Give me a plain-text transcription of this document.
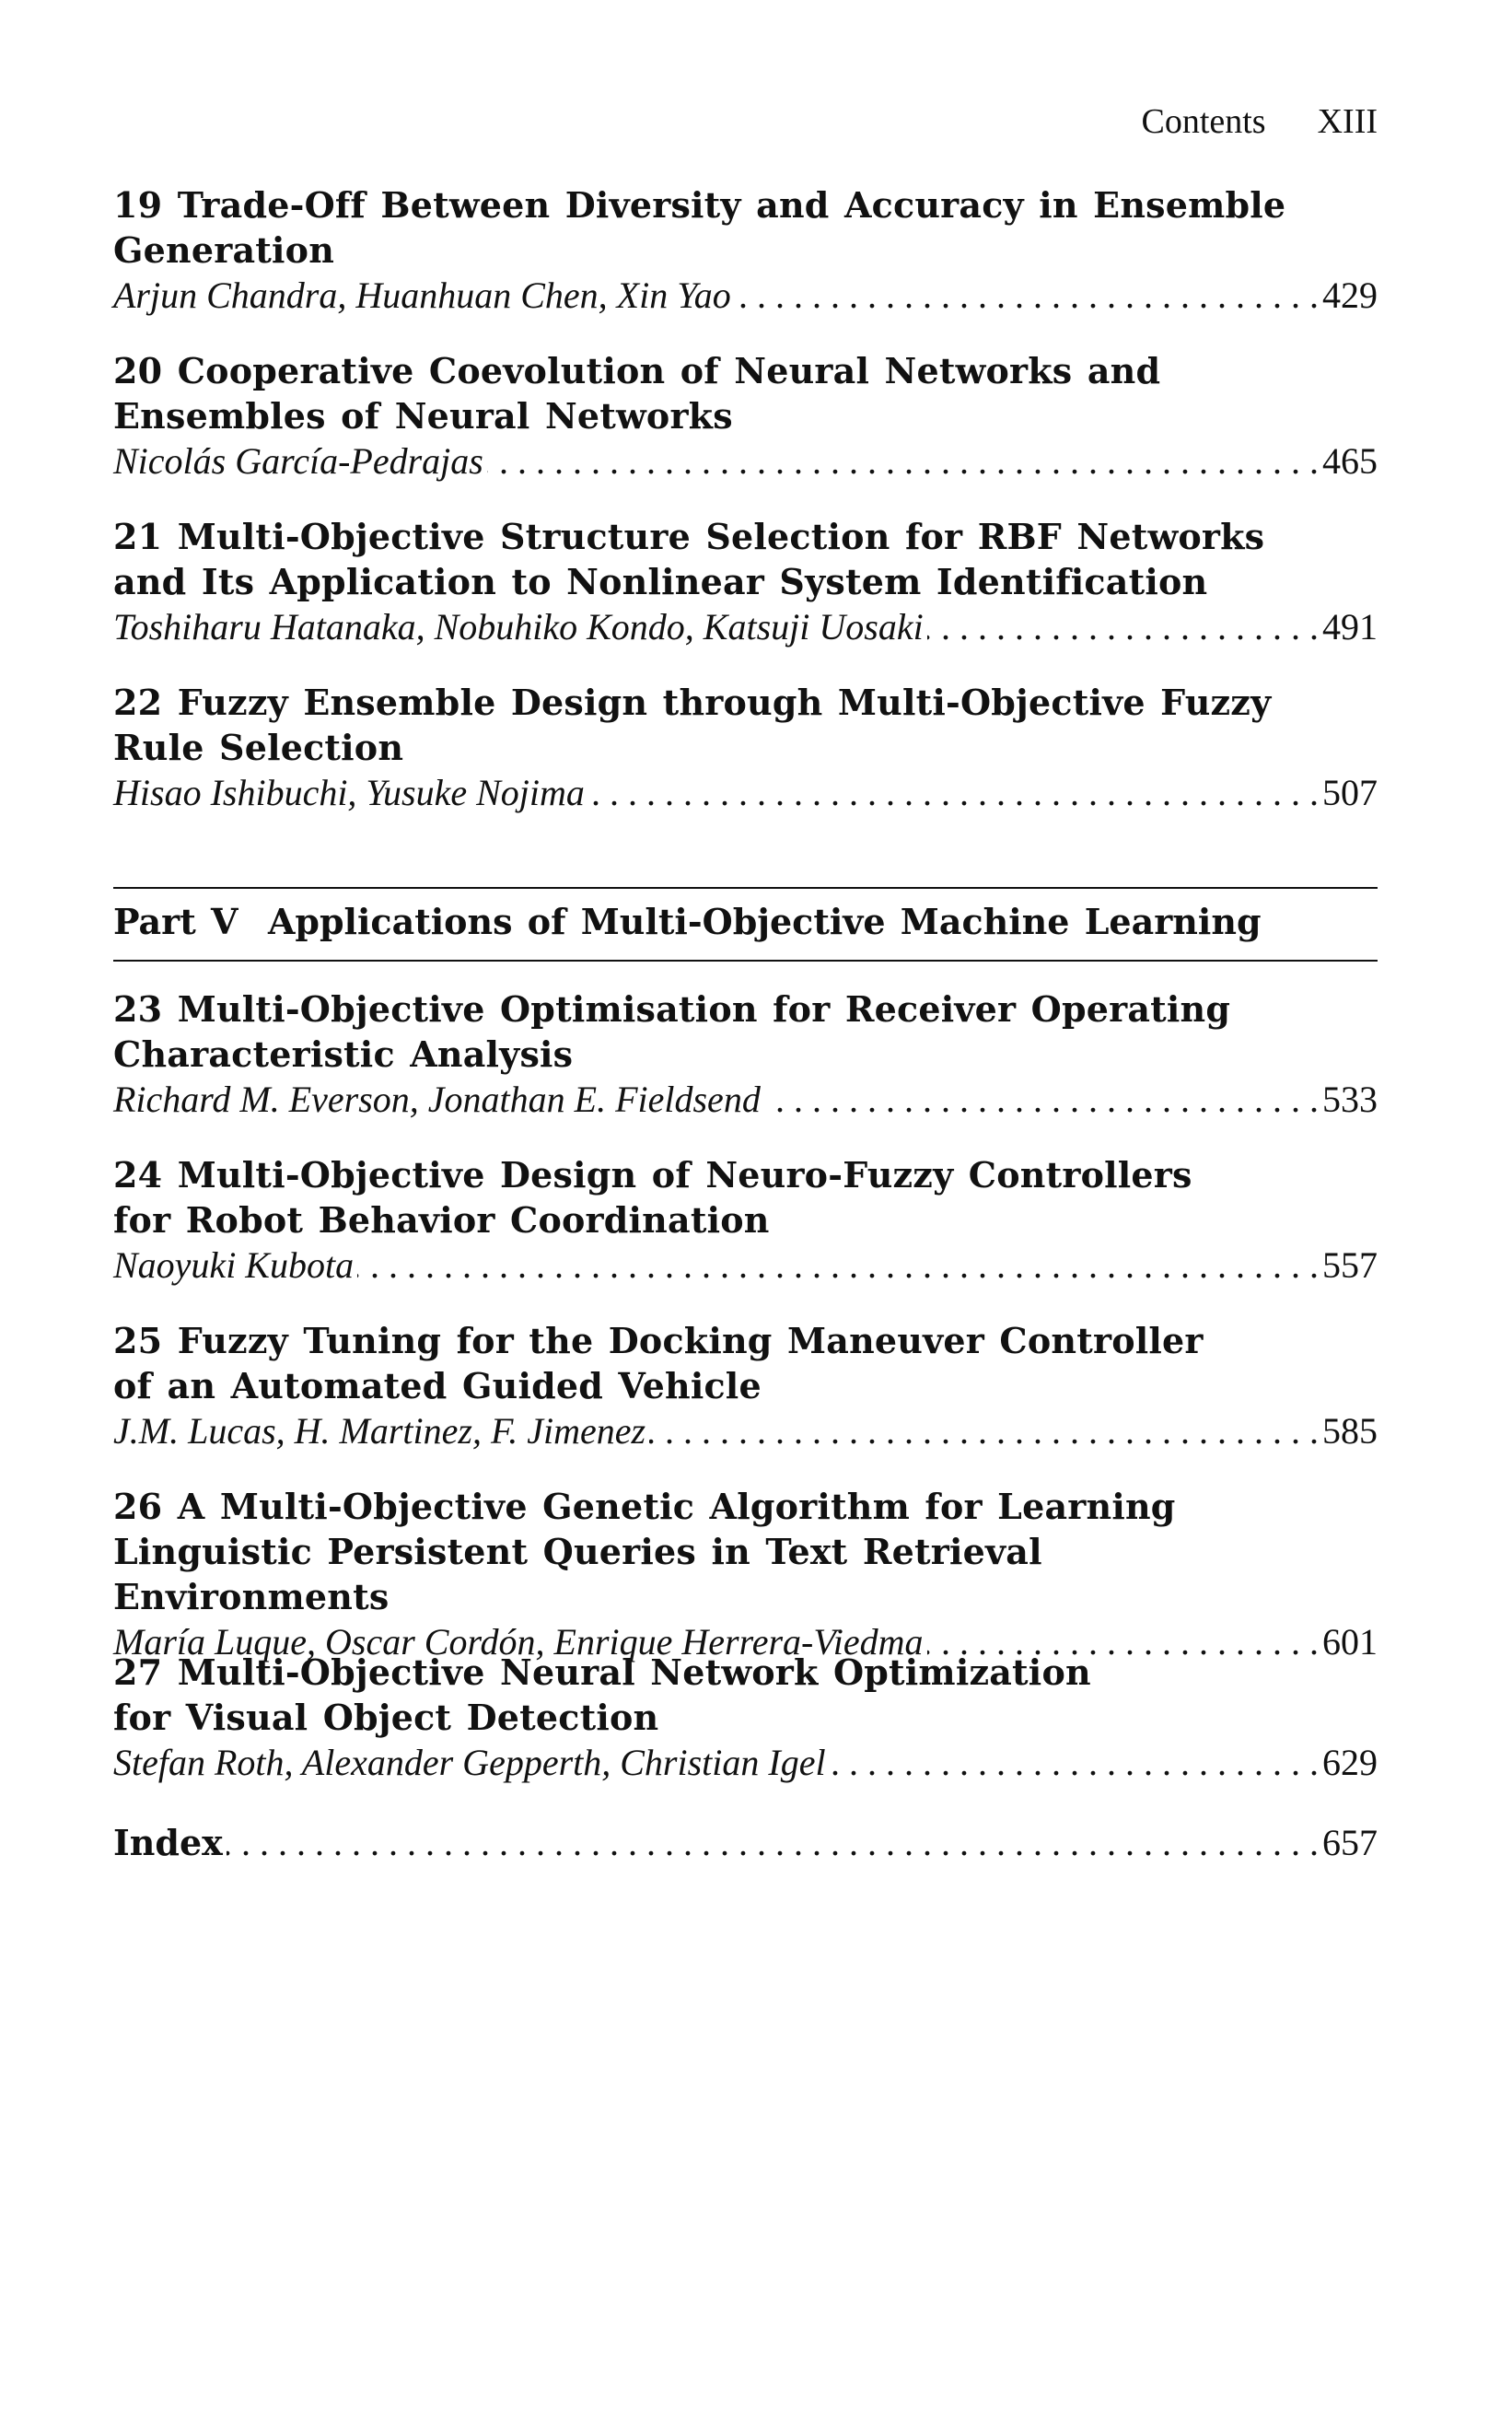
Contents XIII
19 Trade-Off Between Diversity and Accuracy in Ensemble
Generation
Arjun Chandra, Huanhuan Chen, Xin Yao . . .	429
20 Cooperative Coevolution of Neural Networks and
Ensembles of Neural Networks
Nicolás García-Pedrajas . . .	465
21 Multi-Objective Structure Selection for RBF Networks
and Its Application to Nonlinear System Identification
Toshiharu Hatanaka, Nobuhiko Kondo, Katsuji Uosaki . . .	491
22 Fuzzy Ensemble Design through Multi-Objective Fuzzy
Rule Selection
Hisao Ishibuchi, Yusuke Nojima . . .	507
Part V Applications of Multi-Objective Machine Learning
23 Multi-Objective Optimisation for Receiver Operating
Characteristic Analysis
Richard M. Everson, Jonathan E. Fieldsend . . .	533
24 Multi-Objective Design of Neuro-Fuzzy Controllers
for Robot Behavior Coordination
Naoyuki Kubota . . .	557
25 Fuzzy Tuning for the Docking Maneuver Controller
of an Automated Guided Vehicle
J.M. Lucas, H. Martinez, F. Jimenez . . .	585
26 A Multi-Objective Genetic Algorithm for Learning
Linguistic Persistent Queries in Text Retrieval Environments
María Luque, Oscar Cordón, Enrique Herrera-Viedma . . .	601
27 Multi-Objective Neural Network Optimization
for Visual Object Detection
Stefan Roth, Alexander Gepperth, Christian Igel . . .	629
Index . . .	657
